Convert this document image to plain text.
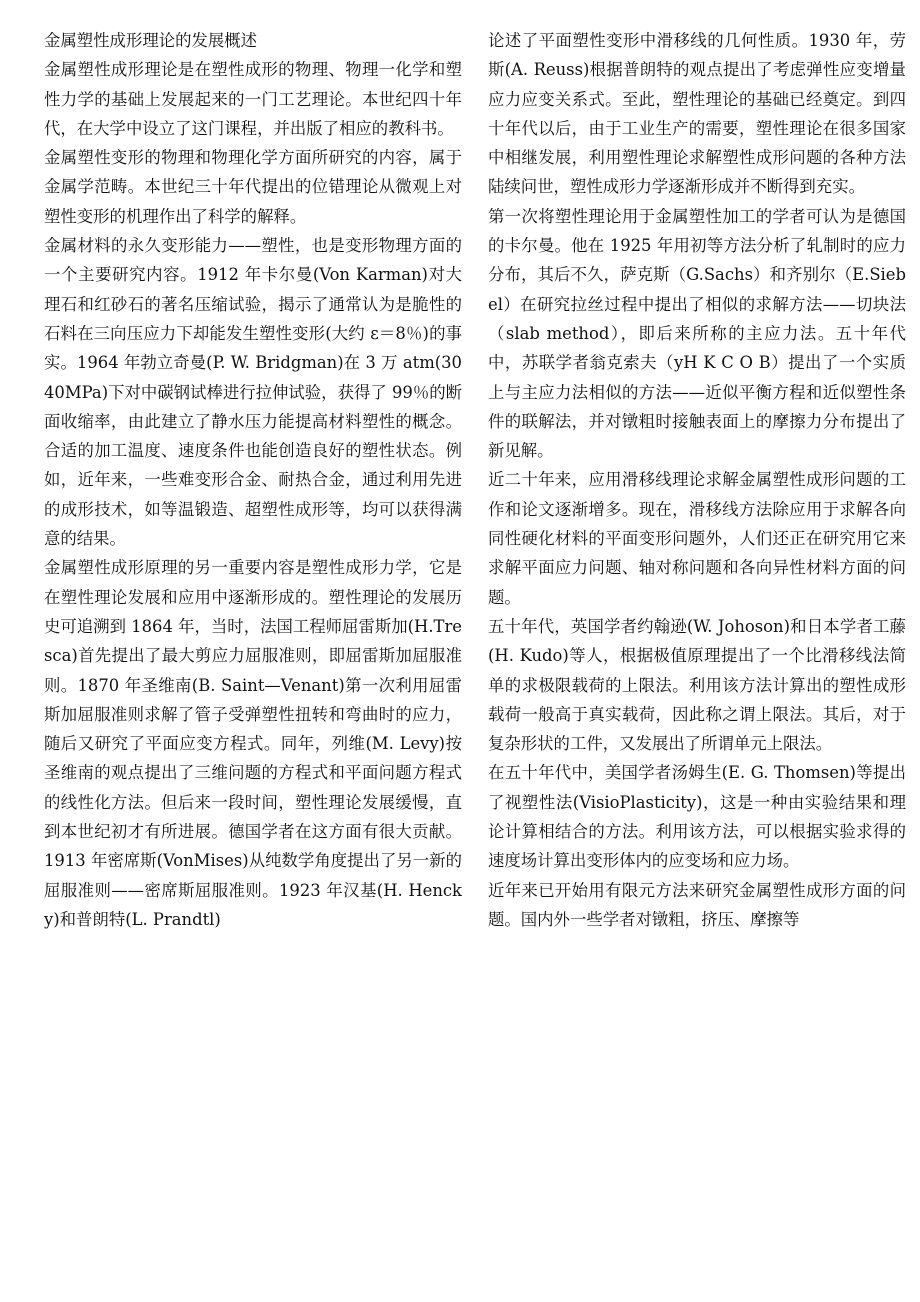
金属塑性成形理论的发展概述

金属塑性成形理论是在塑性成形的物理、物理一化学和塑性力学的基础上发展起来的一门工艺理论。本世纪四十年代，在大学中设立了这门课程，并出版了相应的教科书。

金属塑性变形的物理和物理化学方面所研究的内容，属于金属学范畴。本世纪三十年代提出的位错理论从微观上对塑性变形的机理作出了科学的解释。

金属材料的永久变形能力——塑性，也是变形物理方面的一个主要研究内容。1912 年卡尔曼(Von Karman)对大理石和红砂石的著名压缩试验，揭示了通常认为是脆性的石料在三向压应力下却能发生塑性变形(大约 ε＝8％)的事实。1964 年勃立奇曼(P. W. Bridgman)在 3 万 atm(3040MPa)下对中碳钢试棒进行拉伸试验，获得了 99％的断面收缩率，由此建立了静水压力能提高材料塑性的概念。合适的加工温度、速度条件也能创造良好的塑性状态。例如，近年来，一些难变形合金、耐热合金，通过利用先进的成形技术，如等温锻造、超塑性成形等，均可以获得满意的结果。

金属塑性成形原理的另一重要内容是塑性成形力学，它是在塑性理论发展和应用中逐渐形成的。塑性理论的发展历史可追溯到 1864 年，当时，法国工程师屈雷斯加(H.Tresca)首先提出了最大剪应力屈服准则，即屈雷斯加屈服准则。1870 年圣维南(B. Saint—Venant)第一次利用屈雷斯加屈服准则求解了管子受弹塑性扭转和弯曲时的应力，随后又研究了平面应变方程式。同年，列维(M. Levy)按圣维南的观点提出了三维问题的方程式和平面问题方程式的线性化方法。但后来一段时间，塑性理论发展缓慢，直到本世纪初才有所进展。德国学者在这方面有很大贡献。1913 年密席斯(VonMises)从纯数学角度提出了另一新的屈服准则——密席斯屈服准则。1923 年汉基(H. Hencky)和普朗特(L. Prandtl)

论述了平面塑性变形中滑移线的几何性质。1930 年，劳斯(A. Reuss)根据普朗特的观点提出了考虑弹性应变增量应力应变关系式。至此，塑性理论的基础已经奠定。到四十年代以后，由于工业生产的需要，塑性理论在很多国家中相继发展，利用塑性理论求解塑性成形问题的各种方法陆续问世，塑性成形力学逐渐形成并不断得到充实。

第一次将塑性理论用于金属塑性加工的学者可认为是德国的卡尔曼。他在 1925 年用初等方法分析了轧制时的应力分布，其后不久，萨克斯（G.Sachs）和齐别尔（E.Siebel）在研究拉丝过程中提出了相似的求解方法——切块法（slab method），即后来所称的主应力法。五十年代中，苏联学者翁克索夫（yH K C O B）提出了一个实质上与主应力法相似的方法——近似平衡方程和近似塑性条件的联解法，并对镦粗时接触表面上的摩擦力分布提出了新见解。

近二十年来，应用滑移线理论求解金属塑性成形问题的工作和论文逐渐增多。现在，滑移线方法除应用于求解各向同性硬化材料的平面变形问题外，人们还正在研究用它来求解平面应力问题、轴对称问题和各向异性材料方面的问题。

五十年代，英国学者约翰逊(W. Johoson)和日本学者工藤(H. Kudo)等人，根据极值原理提出了一个比滑移线法简单的求极限载荷的上限法。利用该方法计算出的塑性成形载荷一般高于真实载荷，因此称之谓上限法。其后，对于复杂形状的工件，又发展出了所谓单元上限法。

在五十年代中，美国学者汤姆生(E. G. Thomsen)等提出了视塑性法(VisioPlasticity)，这是一种由实验结果和理论计算相结合的方法。利用该方法，可以根据实验求得的速度场计算出变形体内的应变场和应力场。

近年来已开始用有限元方法来研究金属塑性成形方面的问题。国内外一些学者对镦粗，挤压、摩擦等
